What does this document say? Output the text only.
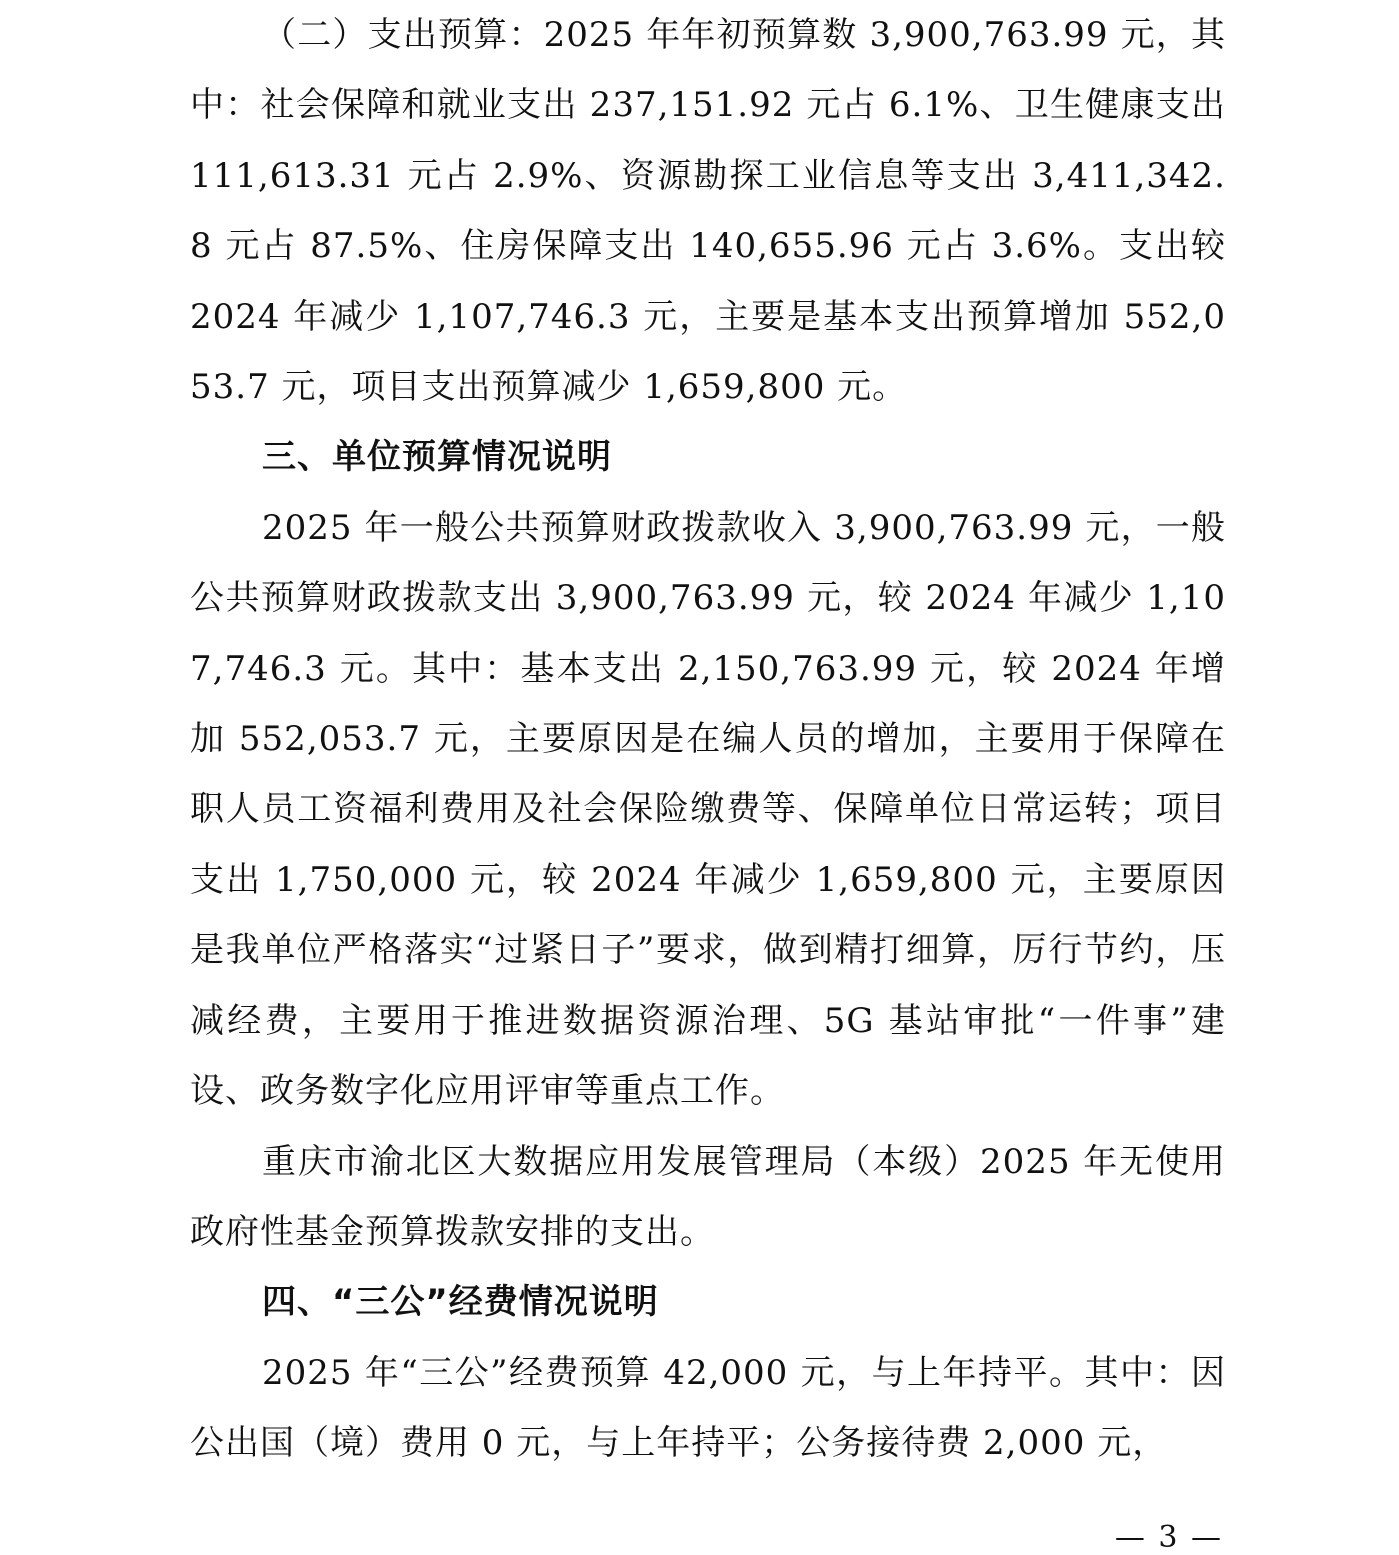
（二）支出预算：2025 年年初预算数 3,900,763.99 元，其中：社会保障和就业支出 237,151.92 元占 6.1%、卫生健康支出 111,613.31 元占 2.9%、资源勘探工业信息等支出 3,411,342.8 元占 87.5%、住房保障支出 140,655.96 元占 3.6%。支出较 2024 年减少 1,107,746.3 元，主要是基本支出预算增加 552,053.7 元，项目支出预算减少 1,659,800 元。

三、单位预算情况说明

2025 年一般公共预算财政拨款收入 3,900,763.99 元，一般公共预算财政拨款支出 3,900,763.99 元，较 2024 年减少 1,107,746.3 元。其中：基本支出 2,150,763.99 元，较 2024 年增加 552,053.7 元，主要原因是在编人员的增加，主要用于保障在职人员工资福利费用及社会保险缴费等、保障单位日常运转；项目支出 1,750,000 元，较 2024 年减少 1,659,800 元，主要原因是我单位严格落实“过紧日子”要求，做到精打细算，厉行节约，压减经费，主要用于推进数据资源治理、5G 基站审批“一件事”建设、政务数字化应用评审等重点工作。

重庆市渝北区大数据应用发展管理局（本级）2025 年无使用政府性基金预算拨款安排的支出。

四、“三公”经费情况说明

2025 年“三公”经费预算 42,000 元，与上年持平。其中：因公出国（境）费用 0 元，与上年持平；公务接待费 2,000 元，

— 3 —
